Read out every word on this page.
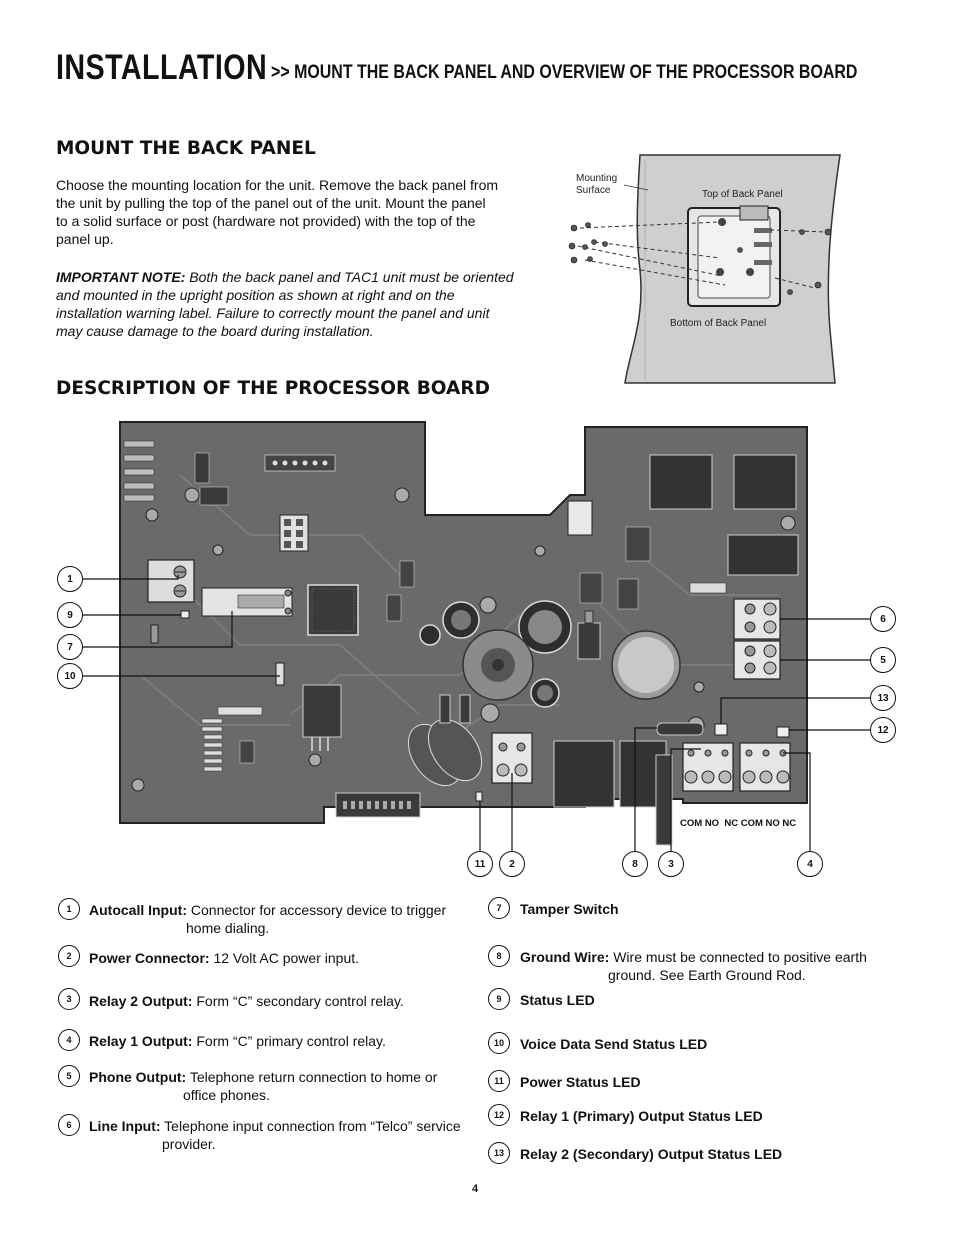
INSTALLATION >> MOUNT THE BACK PANEL AND OVERVIEW OF THE PROCESSOR BOARD
MOUNT THE BACK PANEL
Choose the mounting location for the unit. Remove the back panel from
the unit by pulling the top of the panel out of the unit. Mount the panel
to a solid surface or post (hardware not provided) with the top of the
panel up.
IMPORTANT NOTE: Both the back panel and TAC1 unit must be oriented
and mounted in the upright position as shown at right and on the
installation warning label. Failure to correctly mount the panel and unit
may cause damage to the board during installation.
Mounting
Surface	Top of Back Panel
Bottom of Back Panel
DESCRIPTION OF THE PROCESSOR BOARD
1
9
7
10
6
5
13
12
11	2	8	3	4
COM NO NC COM NO NC
1	Autocall Input: Connector for accessory device to trigger
home dialing.
2	Power Connector: 12 Volt AC power input.
3	Relay 2 Output: Form “C” secondary control relay.
4	Relay 1 Output: Form “C” primary control relay.
5	Phone Output: Telephone return connection to home or
office phones.
6	Line Input: Telephone input connection from “Telco” service
provider.
7	Tamper Switch
8	Ground Wire: Wire must be connected to positive earth
ground. See Earth Ground Rod.
9	Status LED
10	Voice Data Send Status LED
11	Power Status LED
12	Relay 1 (Primary) Output Status LED
13	Relay 2 (Secondary) Output Status LED
4
